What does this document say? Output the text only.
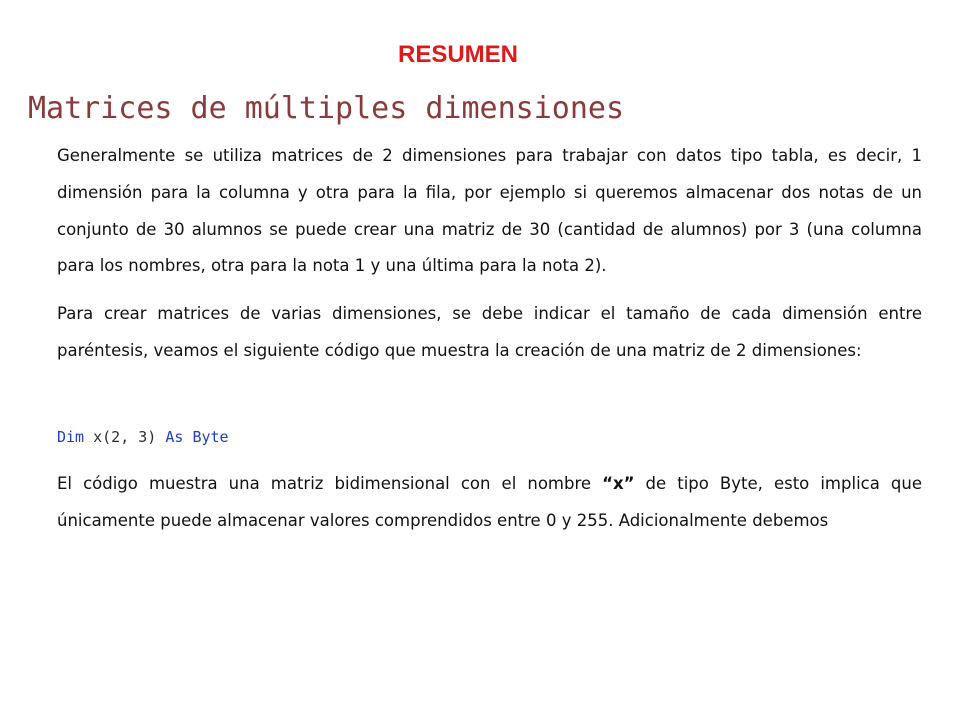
RESUMEN
Matrices de múltiples dimensiones

Generalmente se utiliza matrices de 2 dimensiones para trabajar con datos tipo tabla, es decir, 1 dimensión para la columna y otra para la fila, por ejemplo si queremos almacenar dos notas de un conjunto de 30 alumnos se puede crear una matriz de 30 (cantidad de alumnos) por 3 (una columna para los nombres, otra para la nota 1 y una última para la nota 2).

Para crear matrices de varias dimensiones, se debe indicar el tamaño de cada dimensión entre paréntesis, veamos el siguiente código que muestra la creación de una matriz de 2 dimensiones:

Dim x(2, 3) As Byte

El código muestra una matriz bidimensional con el nombre “x” de tipo Byte, esto implica que únicamente puede almacenar valores comprendidos entre 0 y 255. Adicionalmente debemos
